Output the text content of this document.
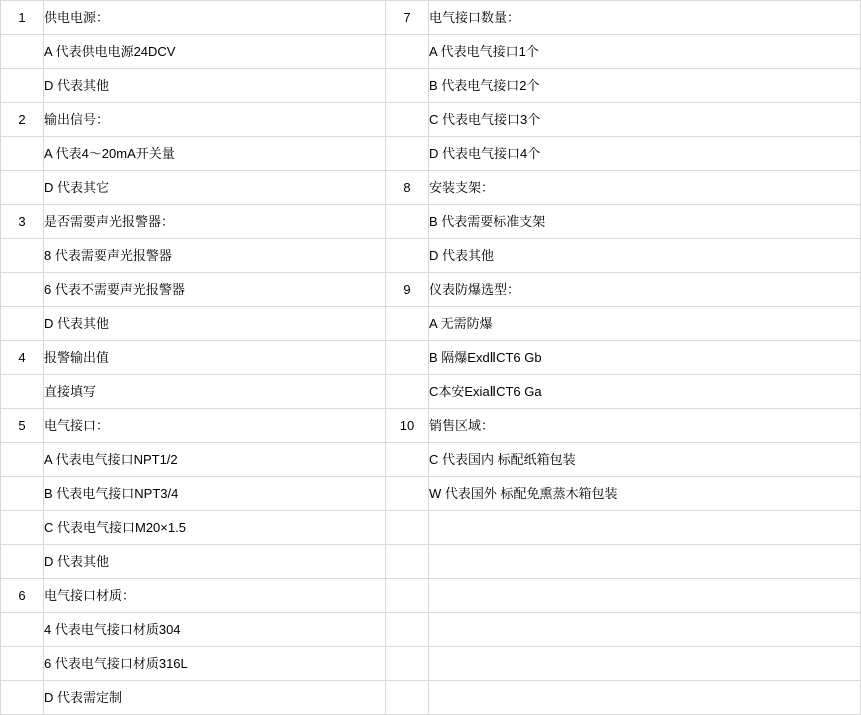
1	供电电源：	7	电气接口数量：
	A 代表供电电源24DCV		A 代表电气接口1个
	D 代表其他		B 代表电气接口2个
2	输出信号：		C 代表电气接口3个
	A 代表4～20mA开关量		D 代表电气接口4个
	D 代表其它	8	安装支架：
3	是否需要声光报警器：		B 代表需要标准支架
	8 代表需要声光报警器		D 代表其他
	6 代表不需要声光报警器	9	仪表防爆选型：
	D 代表其他		A 无需防爆
4	报警输出值		B 隔爆ExdⅡCT6 Gb
	直接填写		C本安ExiaⅡCT6 Ga
5	电气接口：	10	销售区域：
	A 代表电气接口NPT1/2		C 代表国内 标配纸箱包装
	B 代表电气接口NPT3/4		W 代表国外 标配免熏蒸木箱包装
	C 代表电气接口M20×1.5		
	D 代表其他		
6	电气接口材质：		
	4 代表电气接口材质304		
	6 代表电气接口材质316L		
	D 代表需定制		
